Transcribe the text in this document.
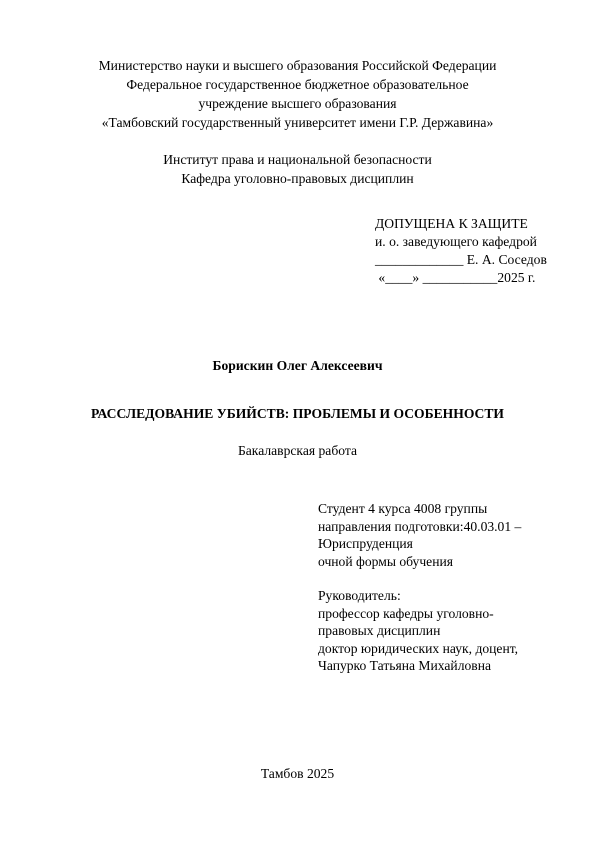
Министерство науки и высшего образования Российской Федерации
Федеральное государственное бюджетное образовательное
учреждение высшего образования
«Тамбовский государственный университет имени Г.Р. Державина»
Институт права и национальной безопасности
Кафедра уголовно-правовых дисциплин
ДОПУЩЕНА К ЗАЩИТЕ
и. о. заведующего кафедрой
_____________ Е. А. Соседов
«____» ___________2025 г.
Борискин Олег Алексеевич
РАССЛЕДОВАНИЕ УБИЙСТВ: ПРОБЛЕМЫ И ОСОБЕННОСТИ
Бакалаврская работа
Студент 4 курса 4008 группы
направления подготовки:40.03.01 –
Юриспруденция
очной формы обучения
Руководитель:
профессор кафедры уголовно-
правовых дисциплин
доктор юридических наук, доцент,
Чапурко Татьяна Михайловна
Тамбов 2025
